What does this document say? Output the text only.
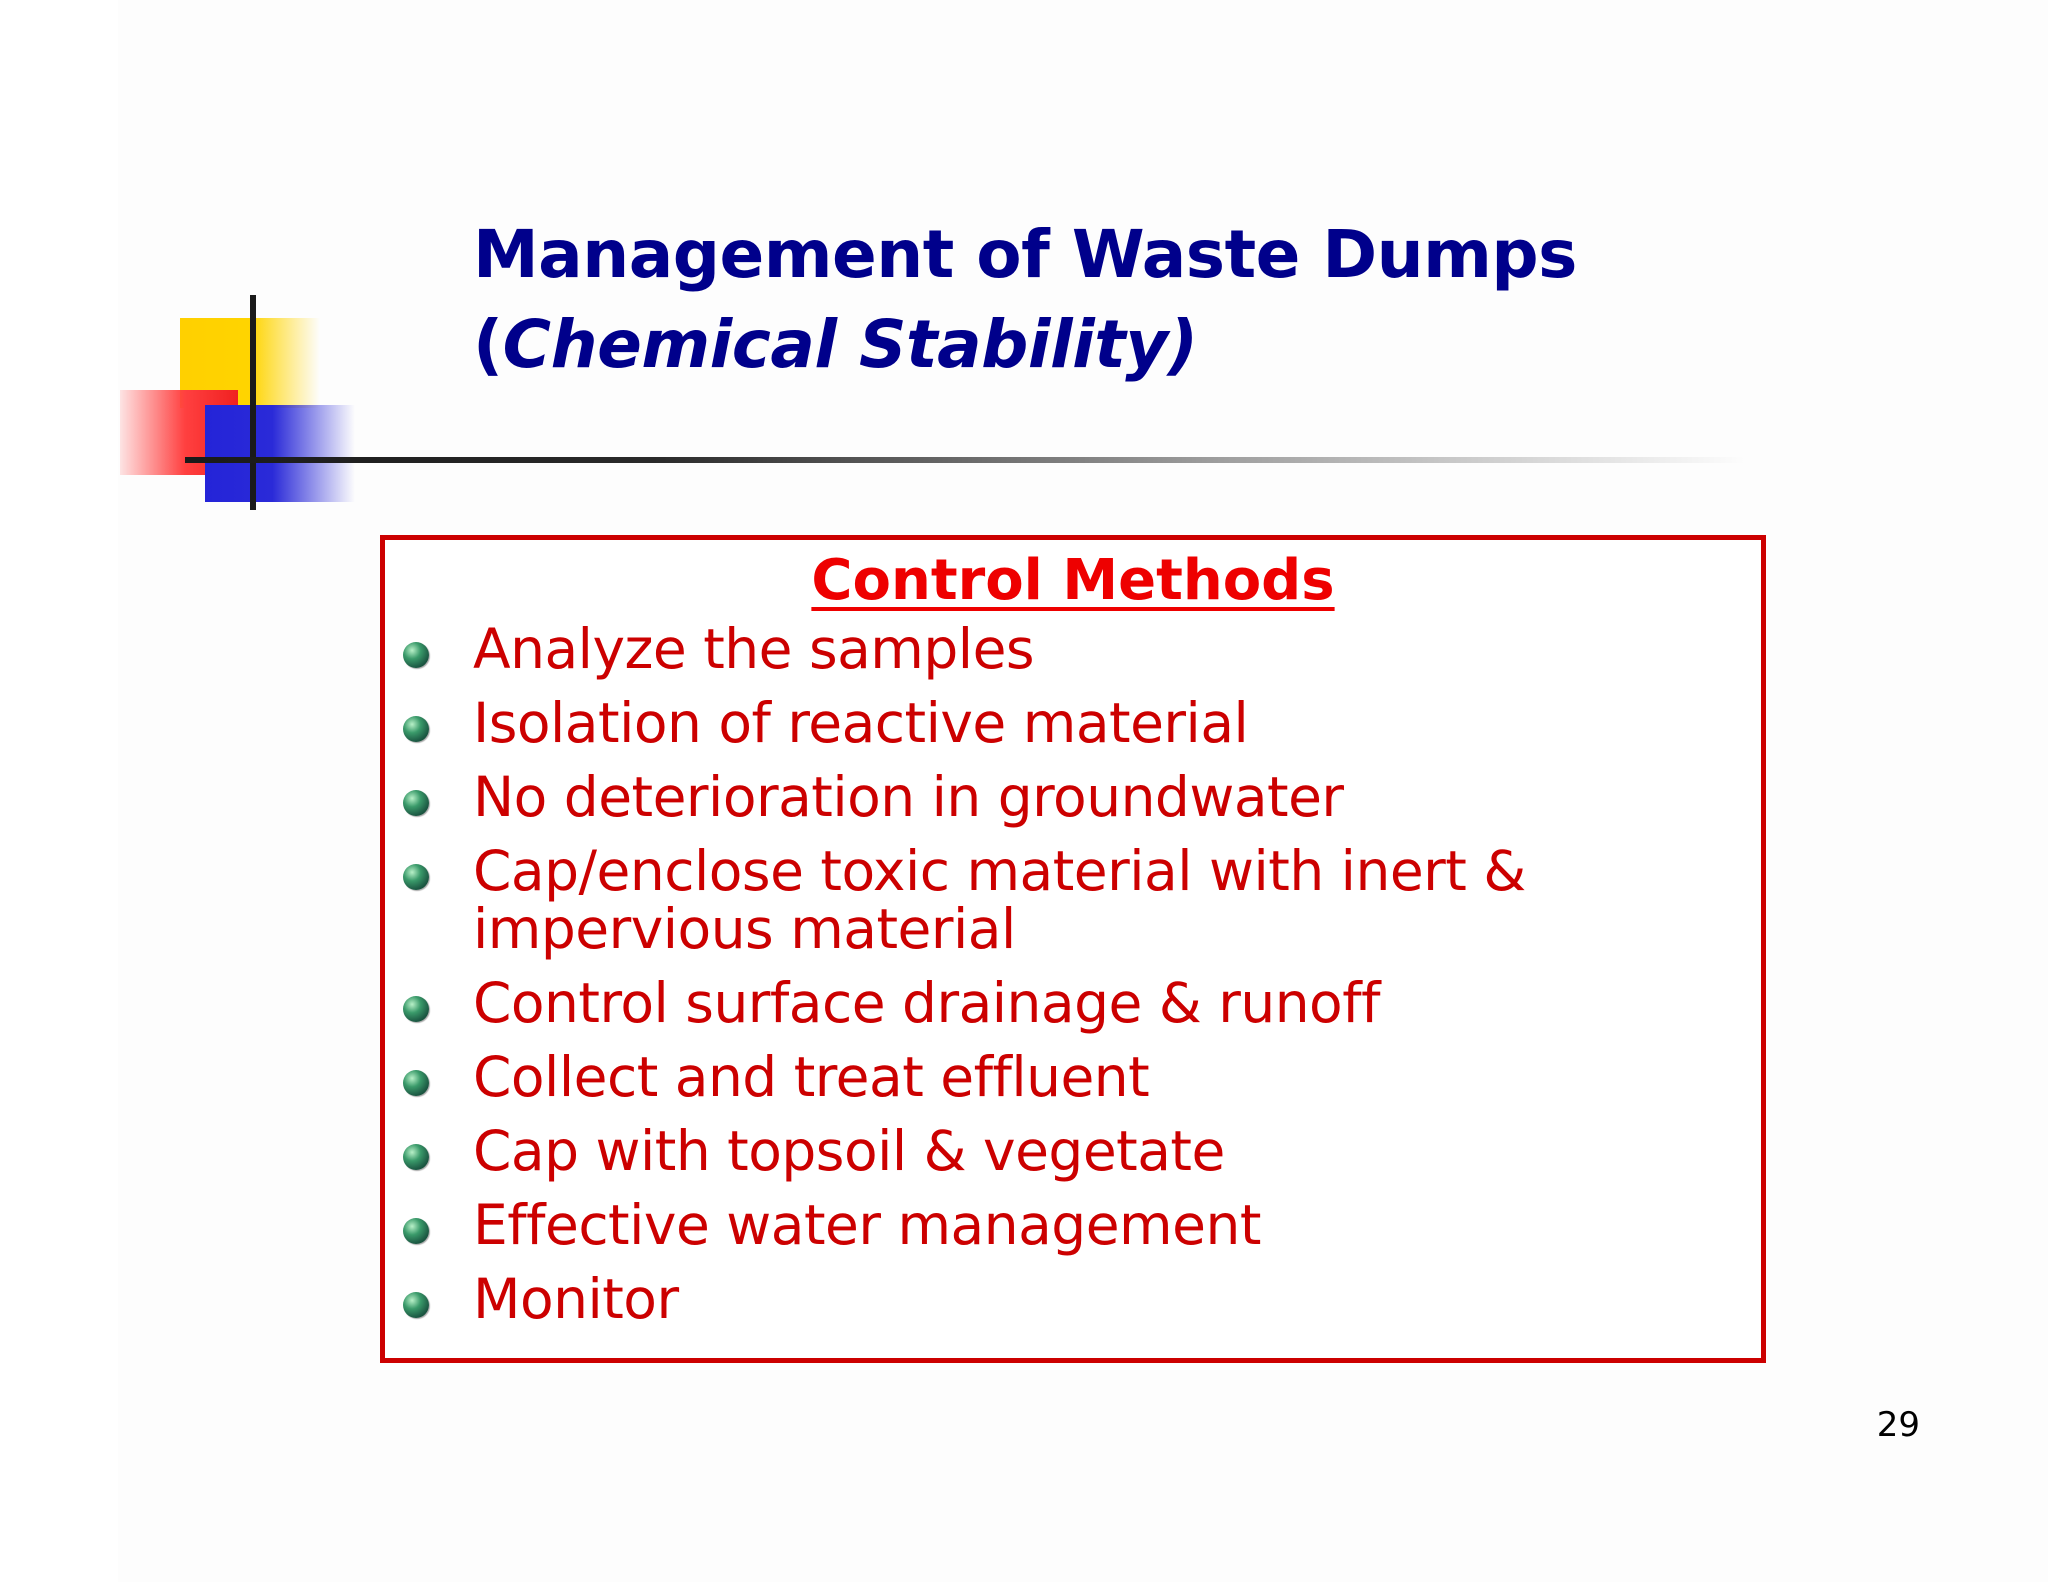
Management of Waste Dumps
(Chemical Stability)
Control Methods
Analyze the samples
Isolation of reactive material
No deterioration in groundwater
Cap/enclose toxic material with inert & impervious material
Control surface drainage & runoff
Collect and treat effluent
Cap with topsoil & vegetate
Effective water management
Monitor
29
